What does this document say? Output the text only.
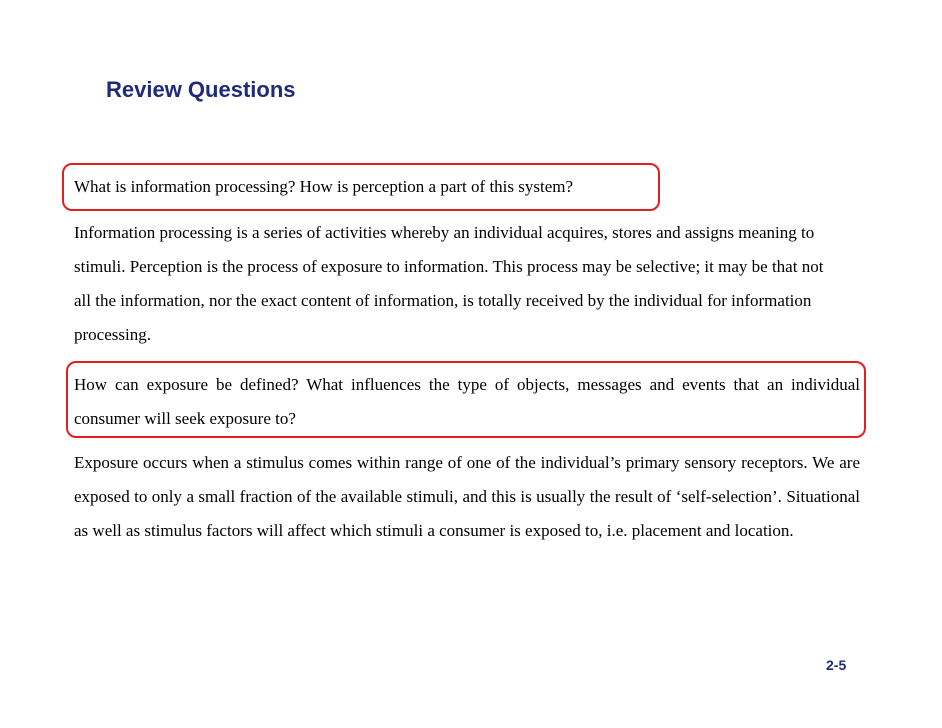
Review Questions

What is information processing? How is perception a part of this system?

Information processing is a series of activities whereby an individual acquires, stores and assigns meaning to stimuli. Perception is the process of exposure to information. This process may be selective; it may be that not all the information, nor the exact content of information, is totally received by the individual for information processing.

How can exposure be defined? What influences the type of objects, messages and events that an individual consumer will seek exposure to?

Exposure occurs when a stimulus comes within range of one of the individual’s primary sensory receptors. We are exposed to only a small fraction of the available stimuli, and this is usually the result of ‘self-selection’. Situational as well as stimulus factors will affect which stimuli a consumer is exposed to, i.e. placement and location.

2-5
